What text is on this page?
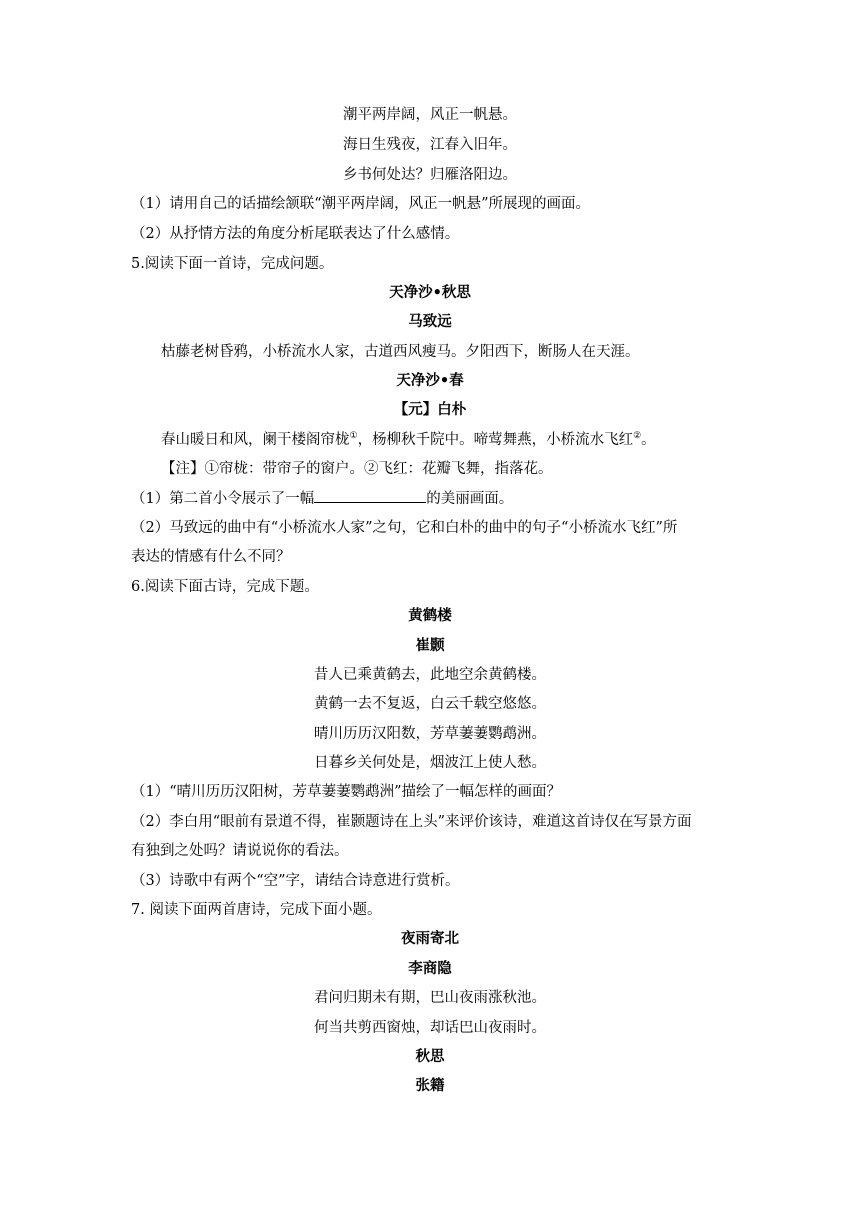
潮平两岸阔，风正一帆悬。
海日生残夜，江春入旧年。
乡书何处达？归雁洛阳边。
（1）请用自己的话描绘颔联“潮平两岸阔，风正一帆悬”所展现的画面。
（2）从抒情方法的角度分析尾联表达了什么感情。
5.阅读下面一首诗，完成问题。
天净沙•秋思
马致远
枯藤老树昏鸦，小桥流水人家，古道西风瘦马。夕阳西下，断肠人在天涯。
天净沙•春
【元】白朴
春山暖日和风，阑干楼阁帘栊①，杨柳秋千院中。啼莺舞燕，小桥流水飞红②。
【注】①帘栊：带帘子的窗户。②飞红：花瓣飞舞，指落花。
（1）第二首小令展示了一幅	的美丽画面。
（2）马致远的曲中有“小桥流水人家”之句，它和白朴的曲中的句子“小桥流水飞红”所
表达的情感有什么不同？
6.阅读下面古诗，完成下题。
黄鹤楼
崔颢
昔人已乘黄鹤去，此地空余黄鹤楼。
黄鹤一去不复返，白云千载空悠悠。
晴川历历汉阳数，芳草萋萋鹦鹉洲。
日暮乡关何处是，烟波江上使人愁。
（1）“晴川历历汉阳树，芳草萋萋鹦鹉洲”描绘了一幅怎样的画面？
（2）李白用“眼前有景道不得，崔颢题诗在上头”来评价该诗，难道这首诗仅在写景方面
有独到之处吗？请说说你的看法。
（3）诗歌中有两个“空”字，请结合诗意进行赏析。
7. 阅读下面两首唐诗，完成下面小题。
夜雨寄北
李商隐
君问归期未有期，巴山夜雨涨秋池。
何当共剪西窗烛，却话巴山夜雨时。
秋思
张籍
